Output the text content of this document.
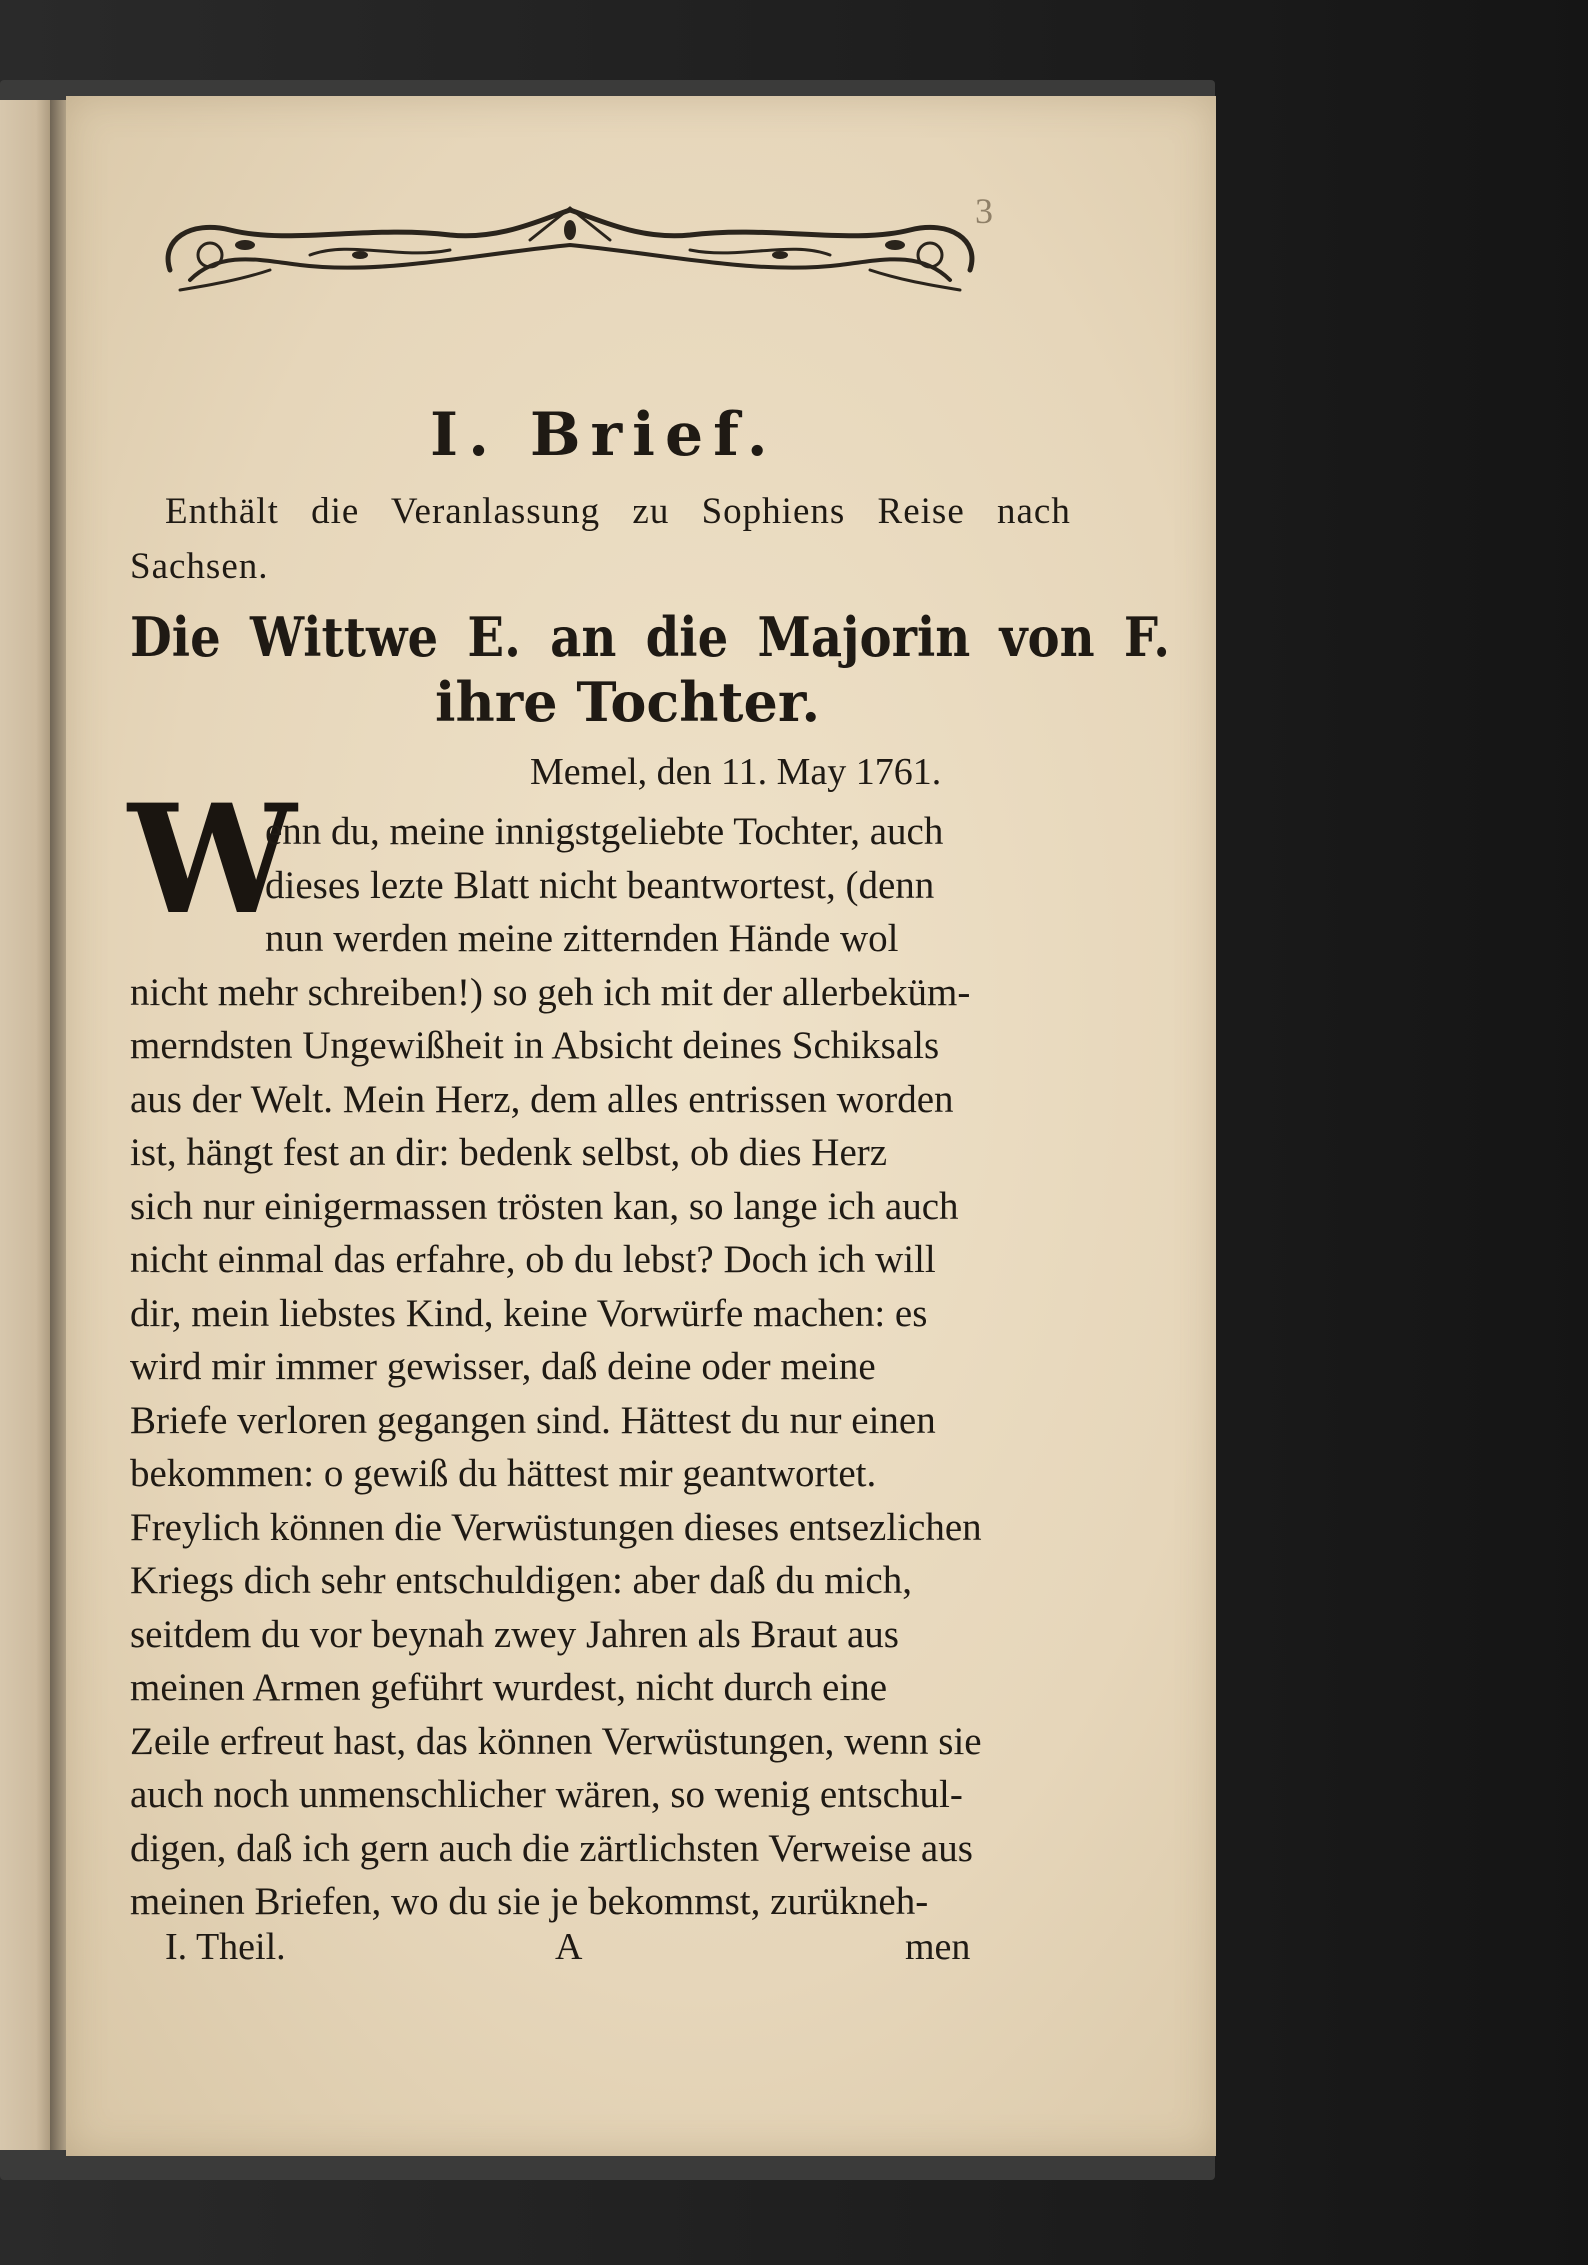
3
I. Brief.
Enthält die Veranlassung zu Sophiens Reise nach
Sachsen.
Die Wittwe E. an die Majorin von F.
ihre Tochter.
Memel, den 11. May 1761.
W
enn du, meine innigstgeliebte Tochter, auch
dieses lezte Blatt nicht beantwortest, (denn
nun werden meine zitternden Hände wol
nicht mehr schreiben!) so geh ich mit der allerbeküm-
merndsten Ungewißheit in Absicht deines Schiksals
aus der Welt. Mein Herz, dem alles entrissen worden
ist, hängt fest an dir: bedenk selbst, ob dies Herz
sich nur einigermassen trösten kan, so lange ich auch
nicht einmal das erfahre, ob du lebst? Doch ich will
dir, mein liebstes Kind, keine Vorwürfe machen: es
wird mir immer gewisser, daß deine oder meine
Briefe verloren gegangen sind. Hättest du nur einen
bekommen: o gewiß du hättest mir geantwortet.
Freylich können die Verwüstungen dieses entsezlichen
Kriegs dich sehr entschuldigen: aber daß du mich,
seitdem du vor beynah zwey Jahren als Braut aus
meinen Armen geführt wurdest, nicht durch eine
Zeile erfreut hast, das können Verwüstungen, wenn sie
auch noch unmenschlicher wären, so wenig entschul-
digen, daß ich gern auch die zärtlichsten Verweise aus
meinen Briefen, wo du sie je bekommst, zurükneh-
I. Theil.	A	men
